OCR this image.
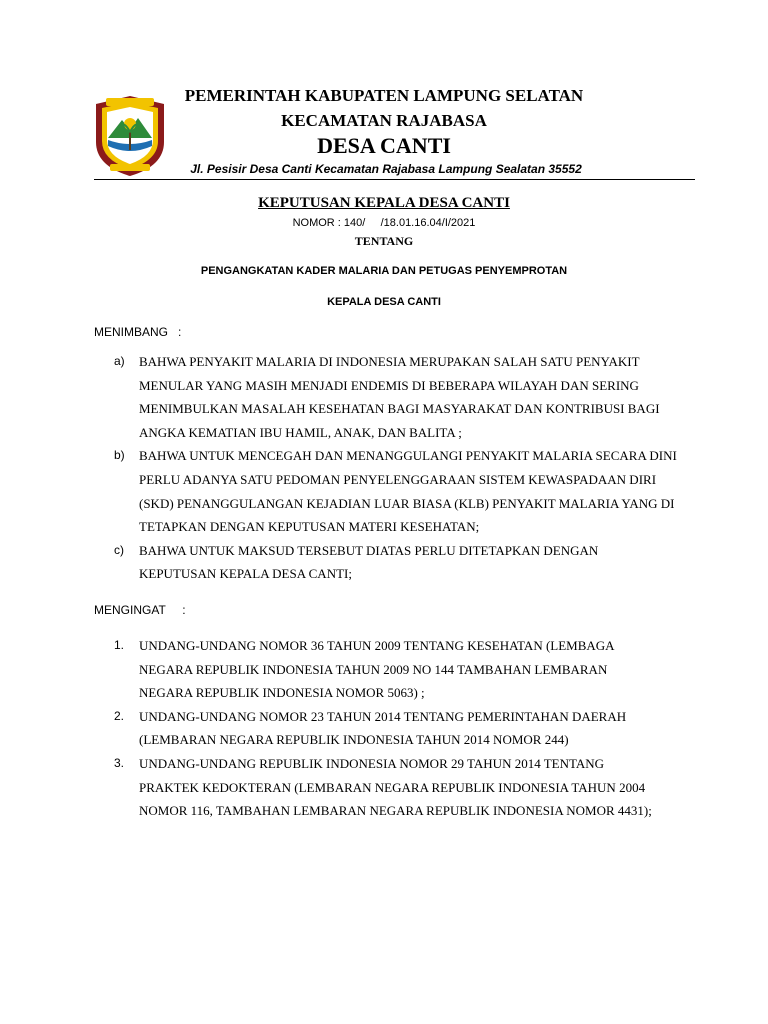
PEMERINTAH KABUPATEN LAMPUNG SELATAN
KECAMATAN RAJABASA
DESA CANTI
Jl. Pesisir Desa Canti Kecamatan Rajabasa Lampung Sealatan 35552
KEPUTUSAN KEPALA DESA CANTI
NOMOR : 140/     /18.01.16.04/I/2021
TENTANG
PENGANGKATAN KADER MALARIA DAN PETUGAS PENYEMPROTAN
KEPALA DESA CANTI
MENIMBANG   :
a) BAHWA PENYAKIT MALARIA DI INDONESIA MERUPAKAN SALAH SATU PENYAKIT
MENULAR YANG MASIH MENJADI ENDEMIS DI BEBERAPA WILAYAH DAN SERING
MENIMBULKAN MASALAH KESEHATAN BAGI MASYARAKAT DAN KONTRIBUSI BAGI
ANGKA KEMATIAN IBU HAMIL, ANAK, DAN BALITA ;
b) BAHWA UNTUK MENCEGAH DAN MENANGGULANGI PENYAKIT MALARIA SECARA DINI
PERLU ADANYA SATU PEDOMAN PENYELENGGARAAN SISTEM KEWASPADAAN DIRI
(SKD) PENANGGULANGAN KEJADIAN LUAR BIASA (KLB) PENYAKIT MALARIA YANG DI
TETAPKAN DENGAN KEPUTUSAN MATERI KESEHATAN;
c) BAHWA UNTUK MAKSUD TERSEBUT DIATAS PERLU DITETAPKAN DENGAN
KEPUTUSAN KEPALA DESA CANTI;
MENGINGAT     :
1. UNDANG-UNDANG NOMOR 36 TAHUN 2009 TENTANG KESEHATAN (LEMBAGA
NEGARA REPUBLIK INDONESIA TAHUN 2009 NO 144 TAMBAHAN LEMBARAN
NEGARA REPUBLIK INDONESIA NOMOR 5063) ;
2. UNDANG-UNDANG NOMOR 23 TAHUN 2014 TENTANG PEMERINTAHAN DAERAH
(LEMBARAN NEGARA REPUBLIK INDONESIA TAHUN 2014 NOMOR 244)
3. UNDANG-UNDANG REPUBLIK INDONESIA NOMOR 29 TAHUN 2014 TENTANG
PRAKTEK KEDOKTERAN (LEMBARAN NEGARA REPUBLIK INDONESIA TAHUN 2004
NOMOR 116, TAMBAHAN LEMBARAN NEGARA REPUBLIK INDONESIA NOMOR 4431);
